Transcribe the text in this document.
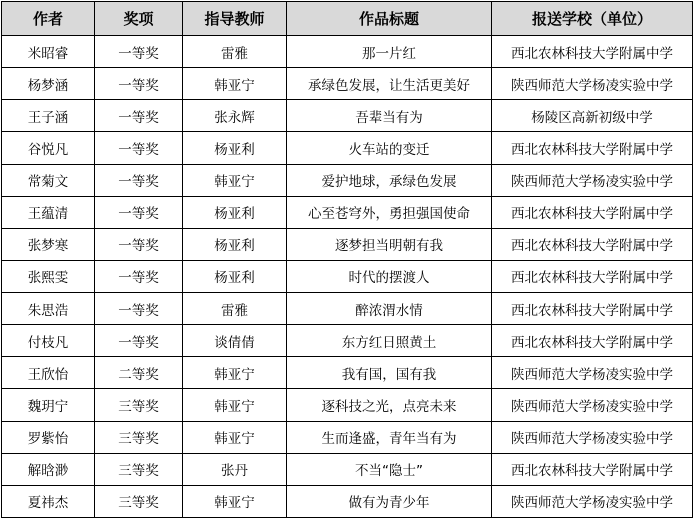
作者	奖项	指导教师	作品标题	报送学校（单位）
米昭睿	一等奖	雷雅	那一片红	西北农林科技大学附属中学
杨梦涵	一等奖	韩亚宁	承绿色发展，让生活更美好	陕西师范大学杨凌实验中学
王子涵	一等奖	张永辉	吾辈当有为	杨陵区高新初级中学
谷悦凡	一等奖	杨亚利	火车站的变迁	西北农林科技大学附属中学
常菊文	一等奖	韩亚宁	爱护地球，承绿色发展	陕西师范大学杨凌实验中学
王蕴清	一等奖	杨亚利	心至苍穹外，勇担强国使命	西北农林科技大学附属中学
张梦寒	一等奖	杨亚利	逐梦担当明朝有我	西北农林科技大学附属中学
张熙雯	一等奖	杨亚利	时代的摆渡人	西北农林科技大学附属中学
朱思浩	一等奖	雷雅	醉浓渭水情	西北农林科技大学附属中学
付枝凡	一等奖	谈倩倩	东方红日照黄土	西北农林科技大学附属中学
王欣怡	二等奖	韩亚宁	我有国，国有我	陕西师范大学杨凌实验中学
魏玥宁	三等奖	韩亚宁	逐科技之光，点亮未来	陕西师范大学杨凌实验中学
罗紫怡	三等奖	韩亚宁	生而逢盛，青年当有为	陕西师范大学杨凌实验中学
解晗渺	三等奖	张丹	不当“隐士”	西北农林科技大学附属中学
夏祎杰	三等奖	韩亚宁	做有为青少年	陕西师范大学杨凌实验中学
